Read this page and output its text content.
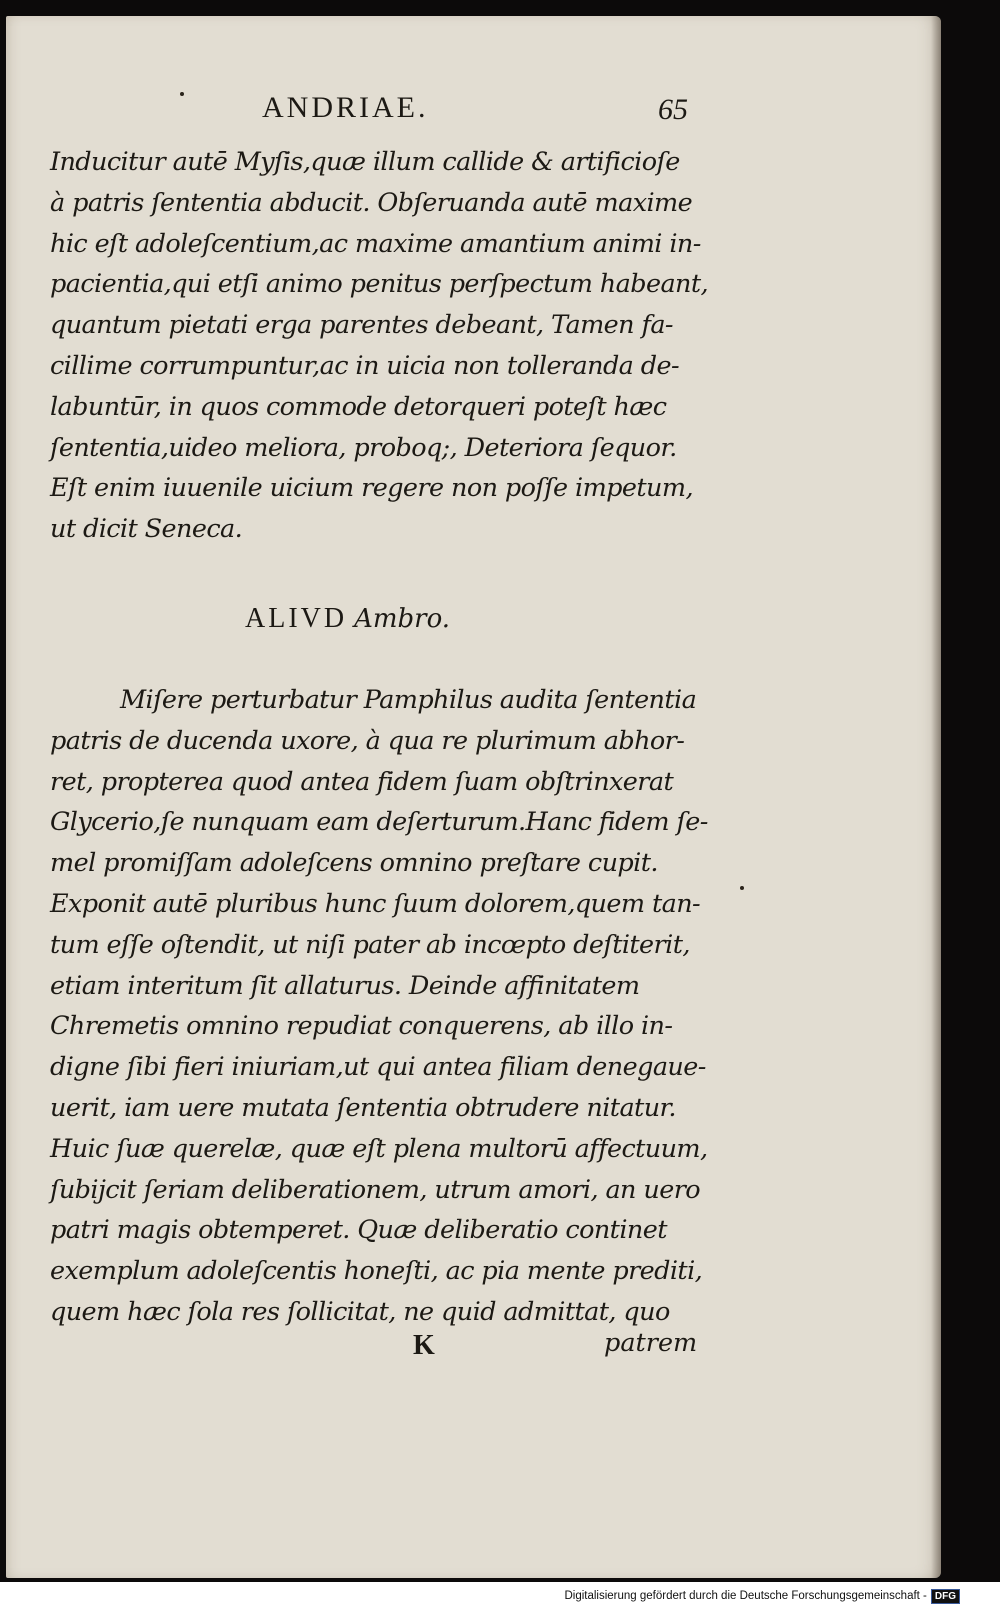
ANDRIAE.	65
Inducitur autē Myſis,quæ illum callide & artificioſe
à patris ſententia abducit. Obſeruanda autē maxime
hic eſt adoleſcentium,ac maxime amantium animi in-
pacientia,qui etſi animo penitus perſpectum habeant,
quantum pietati erga parentes debeant, Tamen fa-
cillime corrumpuntur,ac in uicia non tolleranda de-
labuntūr, in quos commode detorqueri poteſt hæc
ſententia,uideo meliora, proboq;, Deteriora ſequor.
Eſt enim iuuenile uicium regere non poſſe impetum,
ut dicit Seneca.
ALIVD Ambro.
Miſere perturbatur Pamphilus audita ſententia
patris de ducenda uxore, à qua re plurimum abhor-
ret, propterea quod antea fidem ſuam obſtrinxerat
Glycerio,ſe nunquam eam deſerturum.Hanc fidem ſe-
mel promiſſam adoleſcens omnino preſtare cupit.
Exponit autē pluribus hunc ſuum dolorem,quem tan-
tum eſſe oſtendit, ut niſi pater ab incœpto deſtiterit,
etiam interitum ſit allaturus. Deinde affinitatem
Chremetis omnino repudiat conquerens, ab illo in-
digne ſibi fieri iniuriam,ut qui antea filiam denegaue-
uerit, iam uere mutata ſententia obtrudere nitatur.
Huic ſuæ querelæ, quæ eſt plena multorū affectuum,
ſubijcit ſeriam deliberationem, utrum amori, an uero
patri magis obtemperet. Quæ deliberatio continet
exemplum adoleſcentis honeſti, ac pia mente prediti,
quem hæc ſola res ſollicitat, ne quid admittat, quo
K	patrem
Digitalisierung gefördert durch die Deutsche Forschungsgemeinschaft - DFG
